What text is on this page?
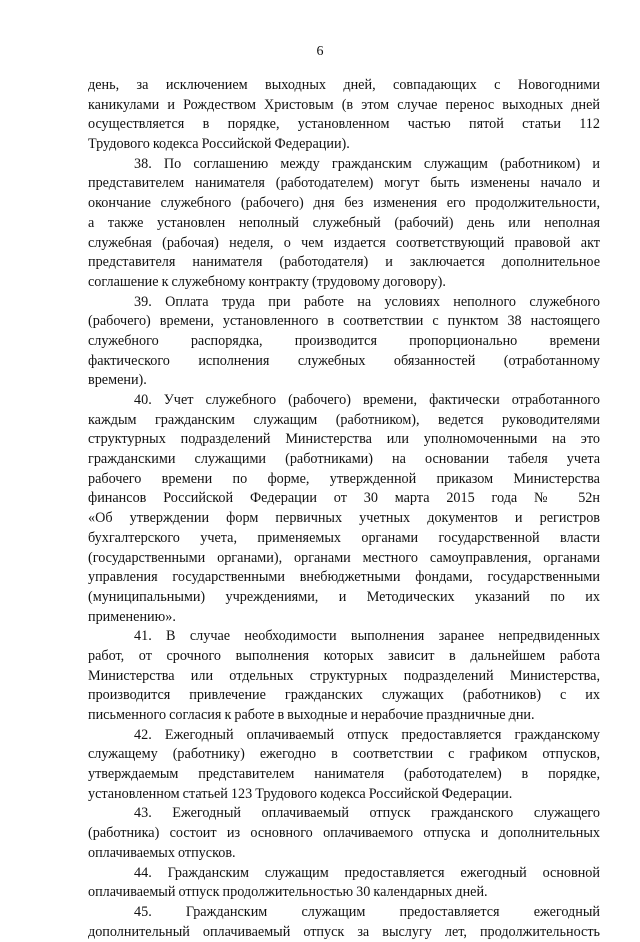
6
день, за исключением выходных дней, совпадающих с Новогодними
каникулами и Рождеством Христовым (в этом случае перенос выходных дней
осуществляется в порядке, установленном частью пятой статьи 112
Трудового кодекса Российской Федерации).
38. По соглашению между гражданским служащим (работником) и
представителем нанимателя (работодателем) могут быть изменены начало и
окончание служебного (рабочего) дня без изменения его продолжительности,
а также установлен неполный служебный (рабочий) день или неполная
служебная (рабочая) неделя, о чем издается соответствующий правовой акт
представителя нанимателя (работодателя) и заключается дополнительное
соглашение к служебному контракту (трудовому договору).
39. Оплата труда при работе на условиях неполного служебного
(рабочего) времени, установленного в соответствии с пунктом 38 настоящего
служебного распорядка, производится пропорционально времени
фактического исполнения служебных обязанностей (отработанному
времени).
40. Учет служебного (рабочего) времени, фактически отработанного
каждым гражданским служащим (работником), ведется руководителями
структурных подразделений Министерства или уполномоченными на это
гражданскими служащими (работниками) на основании табеля учета
рабочего времени по форме, утвержденной приказом Министерства
финансов Российской Федерации от 30 марта 2015 года № 52н
«Об утверждении форм первичных учетных документов и регистров
бухгалтерского учета, применяемых органами государственной власти
(государственными органами), органами местного самоуправления, органами
управления государственными внебюджетными фондами, государственными
(муниципальными) учреждениями, и Методических указаний по их
применению».
41. В случае необходимости выполнения заранее непредвиденных
работ, от срочного выполнения которых зависит в дальнейшем работа
Министерства или отдельных структурных подразделений Министерства,
производится привлечение гражданских служащих (работников) с их
письменного согласия к работе в выходные и нерабочие праздничные дни.
42. Ежегодный оплачиваемый отпуск предоставляется гражданскому
служащему (работнику) ежегодно в соответствии с графиком отпусков,
утверждаемым представителем нанимателя (работодателем) в порядке,
установленном статьей 123 Трудового кодекса Российской Федерации.
43. Ежегодный оплачиваемый отпуск гражданского служащего
(работника) состоит из основного оплачиваемого отпуска и дополнительных
оплачиваемых отпусков.
44. Гражданским служащим предоставляется ежегодный основной
оплачиваемый отпуск продолжительностью 30 календарных дней.
45. Гражданским служащим предоставляется ежегодный
дополнительный оплачиваемый отпуск за выслугу лет, продолжительность
